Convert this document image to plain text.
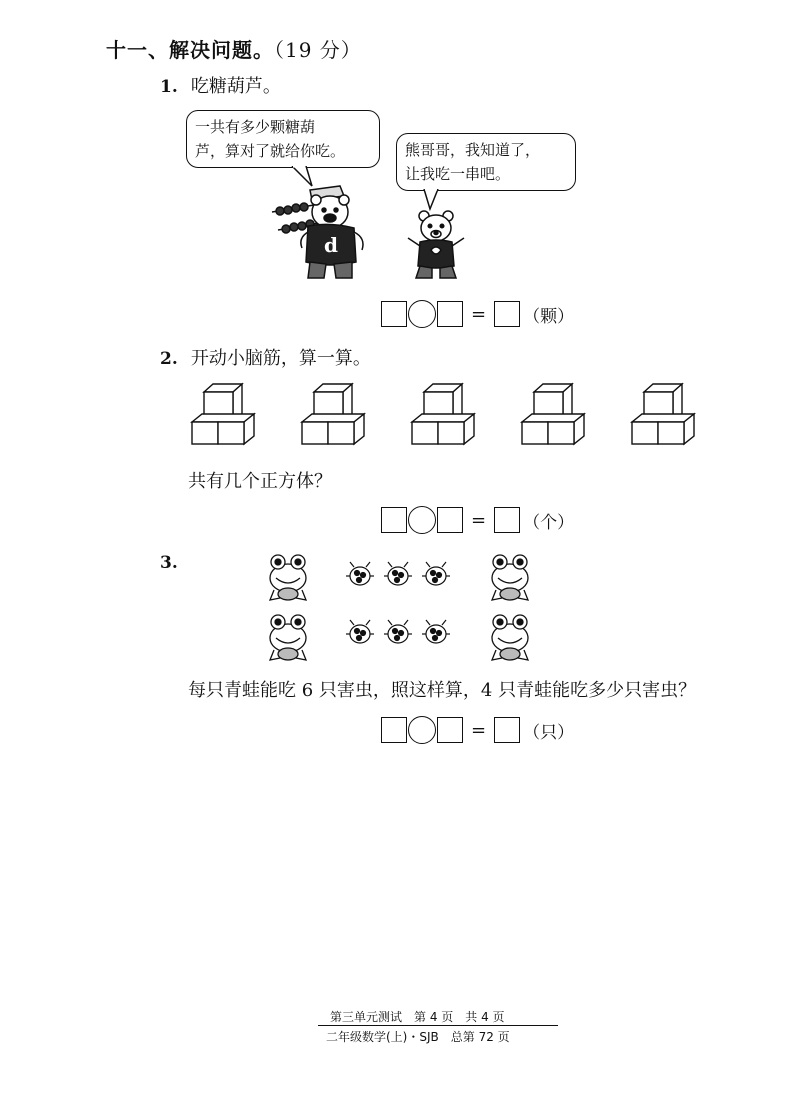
十一、解决问题。（19 分）
1. 吃糖葫芦。
一共有多少颗糖葫
芦，算对了就给你吃。	熊哥哥，我知道了，
让我吃一串吧。
d
= （颗）
2. 开动小脑筋，算一算。
共有几个正方体？
= （个）
3.
每只青蛙能吃 6 只害虫，照这样算，4 只青蛙能吃多少只害虫？
= （只）
第三单元测试　第 4 页　共 4 页
二年级数学(上)・SJB　总第 72 页
